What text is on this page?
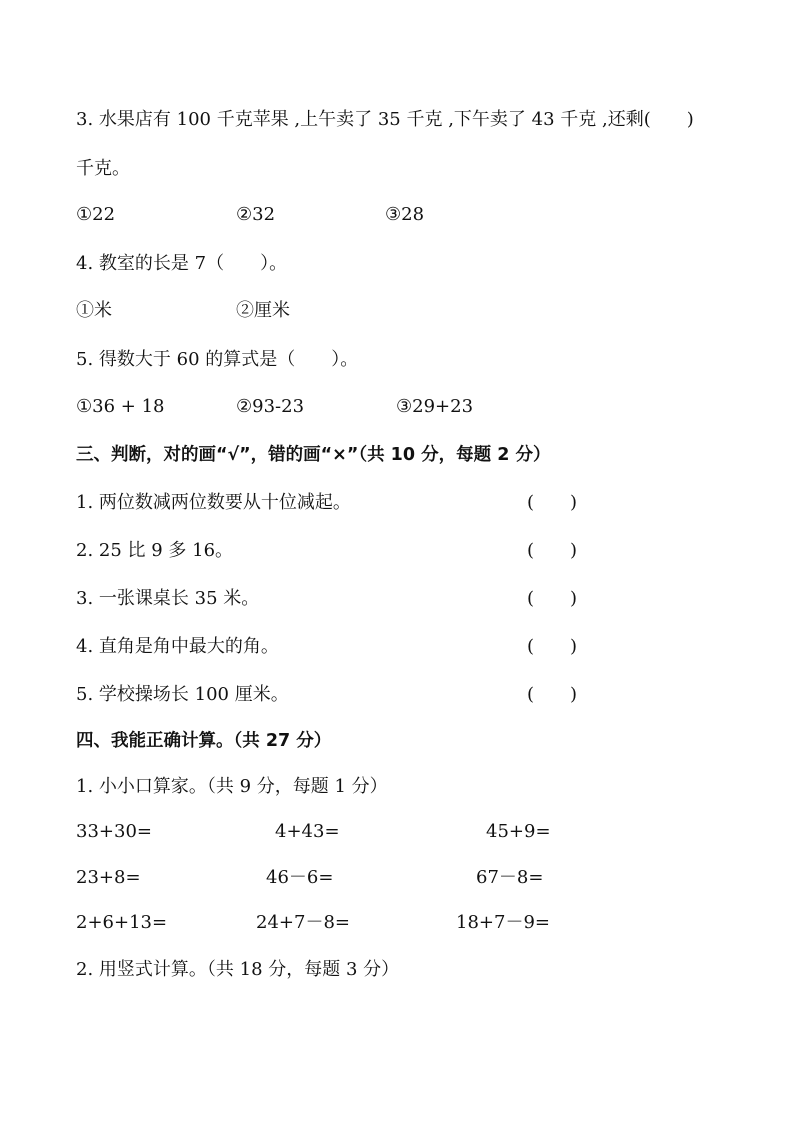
3. 水果店有 100 千克苹果 ,上午卖了 35 千克 ,下午卖了 43 千克 ,还剩(　　)
千克。
①22	②32	③28
4. 教室的长是 7（　　）。
①米	②厘米
5. 得数大于 60 的算式是（　　）。
①36 + 18	②93-23	③29+23
三、判断，对的画“√”，错的画“×”（共 10 分，每题 2 分）
1. 两位数减两位数要从十位减起。	(　　)
2. 25 比 9 多 16。	(　　)
3. 一张课桌长 35 米。	(　　)
4. 直角是角中最大的角。	(　　)
5. 学校操场长 100 厘米。	(　　)
四、我能正确计算。（共 27 分）
1. 小小口算家。（共 9 分，每题 1 分）
33+30=	4+43=	45+9=
23+8=	46－6=	67－8=
2+6+13=	24+7－8=	18+7－9=
2. 用竖式计算。（共 18 分，每题 3 分）
